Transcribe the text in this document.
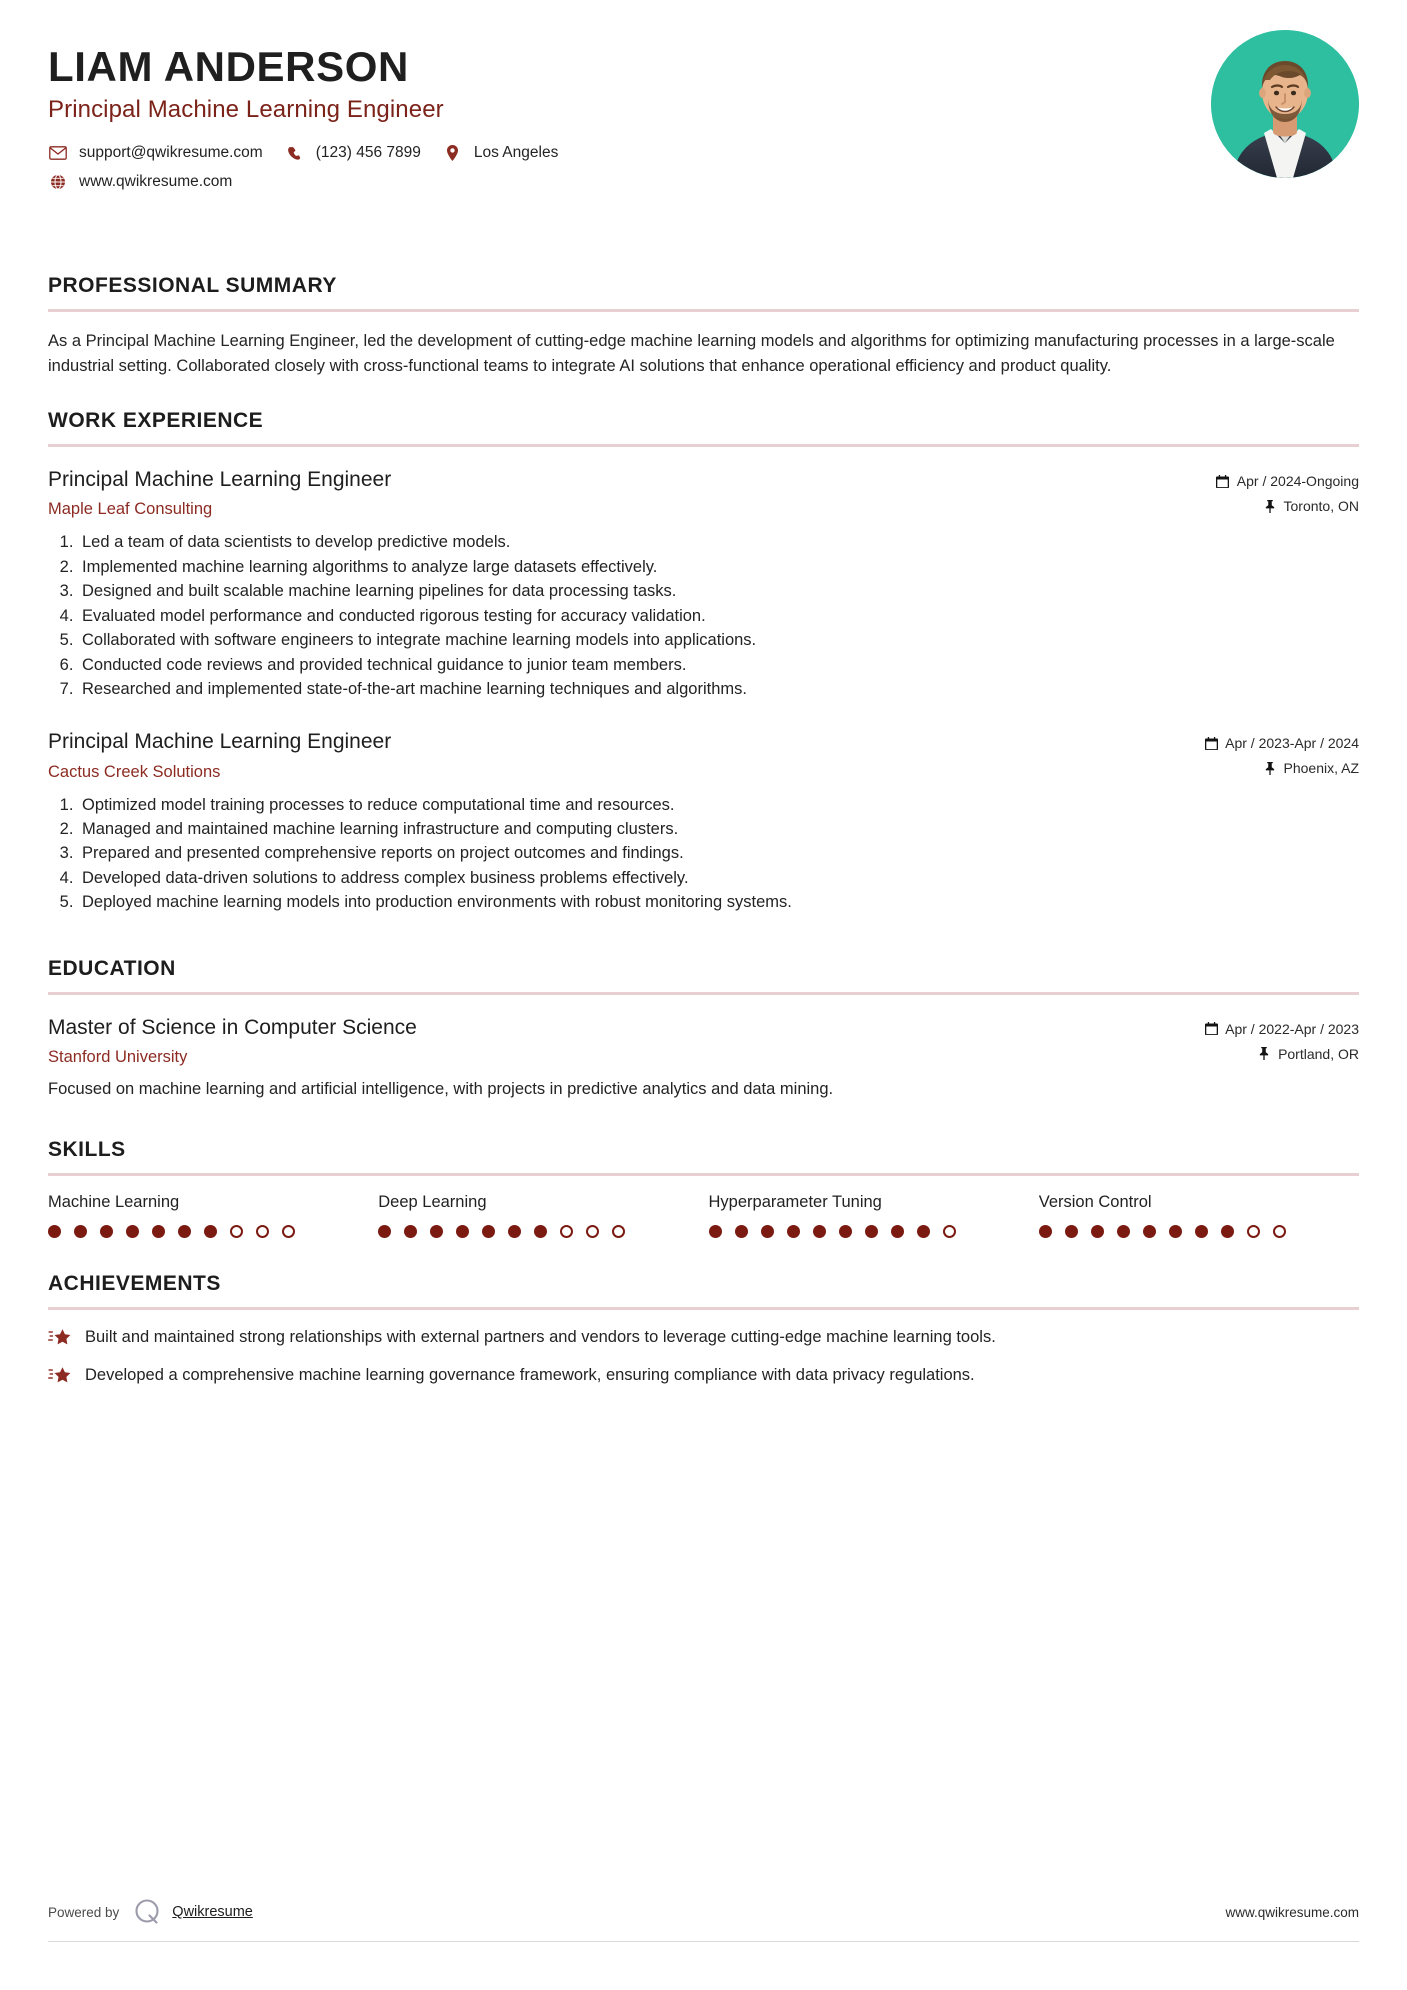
LIAM ANDERSON
Principal Machine Learning Engineer
support@qwikresume.com	(123) 456 7899	Los Angeles
www.qwikresume.com
PROFESSIONAL SUMMARY
As a Principal Machine Learning Engineer, led the development of cutting-edge machine learning models and algorithms for optimizing manufacturing processes in a large-scale industrial setting. Collaborated closely with cross-functional teams to integrate AI solutions that enhance operational efficiency and product quality.
WORK EXPERIENCE
Principal Machine Learning Engineer
Maple Leaf Consulting
Apr / 2024-Ongoing
Toronto, ON
1. Led a team of data scientists to develop predictive models.
2. Implemented machine learning algorithms to analyze large datasets effectively.
3. Designed and built scalable machine learning pipelines for data processing tasks.
4. Evaluated model performance and conducted rigorous testing for accuracy validation.
5. Collaborated with software engineers to integrate machine learning models into applications.
6. Conducted code reviews and provided technical guidance to junior team members.
7. Researched and implemented state-of-the-art machine learning techniques and algorithms.
Principal Machine Learning Engineer
Cactus Creek Solutions
Apr / 2023-Apr / 2024
Phoenix, AZ
1. Optimized model training processes to reduce computational time and resources.
2. Managed and maintained machine learning infrastructure and computing clusters.
3. Prepared and presented comprehensive reports on project outcomes and findings.
4. Developed data-driven solutions to address complex business problems effectively.
5. Deployed machine learning models into production environments with robust monitoring systems.
EDUCATION
Master of Science in Computer Science
Stanford University
Apr / 2022-Apr / 2023
Portland, OR
Focused on machine learning and artificial intelligence, with projects in predictive analytics and data mining.
SKILLS
Machine Learning	Deep Learning	Hyperparameter Tuning	Version Control
ACHIEVEMENTS
Built and maintained strong relationships with external partners and vendors to leverage cutting-edge machine learning tools.
Developed a comprehensive machine learning governance framework, ensuring compliance with data privacy regulations.
Powered by	Qwikresume	www.qwikresume.com
